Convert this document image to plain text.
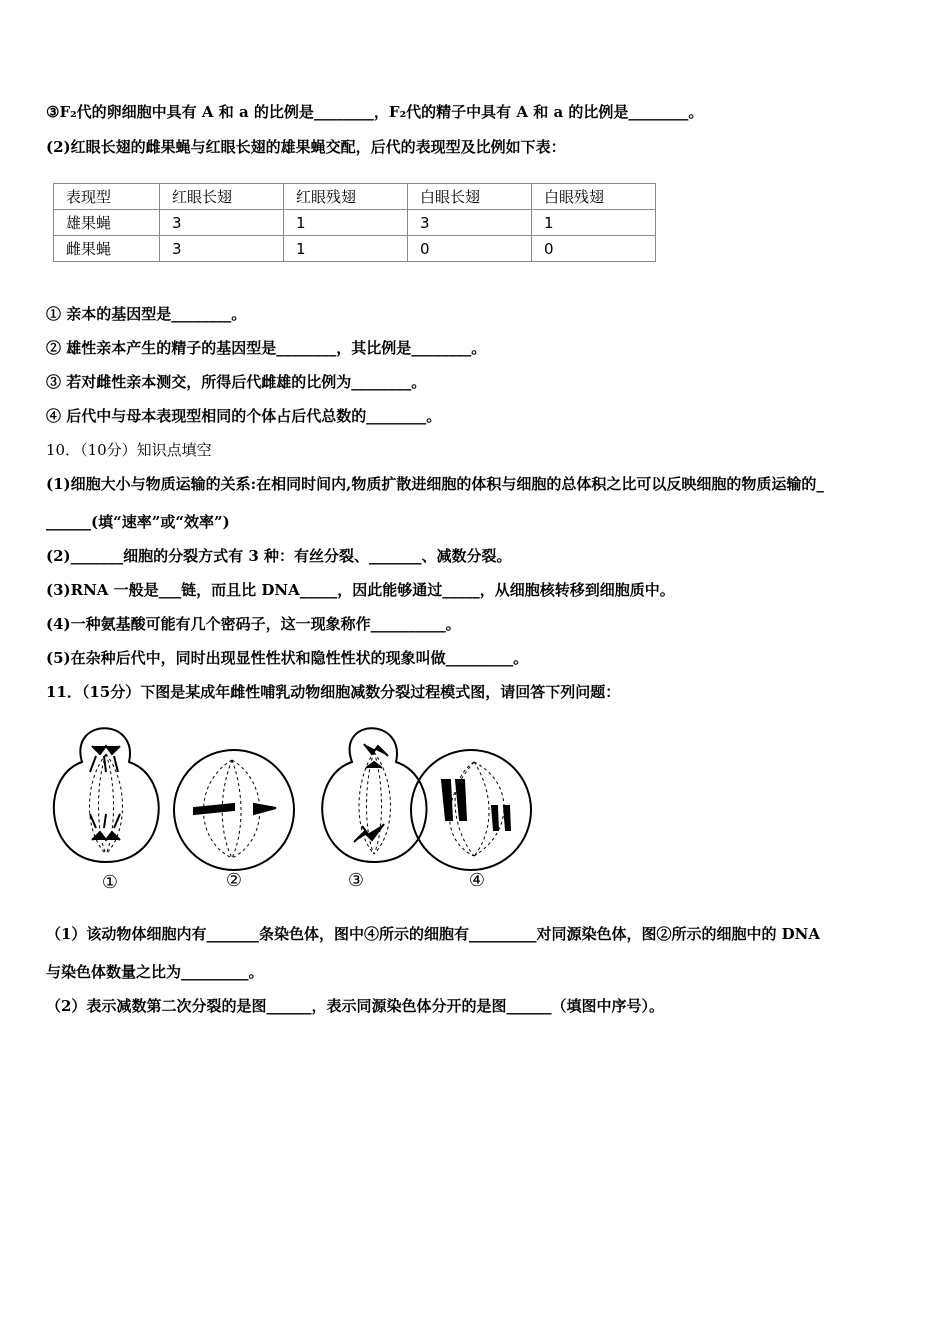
③F₂代的卵细胞中具有 A 和 a 的比例是________，F₂代的精子中具有 A 和 a 的比例是________。
(2)红眼长翅的雌果蝇与红眼长翅的雄果蝇交配，后代的表现型及比例如下表：
表现型	红眼长翅	红眼残翅	白眼长翅	白眼残翅
雄果蝇	3	1	3	1
雌果蝇	3	1	0	0
① 亲本的基因型是________。
② 雄性亲本产生的精子的基因型是________，其比例是________。
③ 若对雌性亲本测交，所得后代雌雄的比例为________。
④ 后代中与母本表现型相同的个体占后代总数的________。
10．（10分）知识点填空
(1)细胞大小与物质运输的关系:在相同时间内,物质扩散进细胞的体积与细胞的总体积之比可以反映细胞的物质运输的_
______(填“速率”或“效率”)
(2)_______细胞的分裂方式有 3 种：有丝分裂、_______、减数分裂。
(3)RNA 一般是___链，而且比 DNA_____，因此能够通过_____，从细胞核转移到细胞质中。
(4)一种氨基酸可能有几个密码子，这一现象称作__________。
(5)在杂种后代中，同时出现显性性状和隐性性状的现象叫做_________。
11．（15分）下图是某成年雌性哺乳动物细胞减数分裂过程模式图，请回答下列问题：
①	②	③	④
（1）该动物体细胞内有_______条染色体，图中④所示的细胞有_________对同源染色体，图②所示的细胞中的 DNA
与染色体数量之比为_________。
（2）表示减数第二次分裂的是图______，表示同源染色体分开的是图______（填图中序号）。
